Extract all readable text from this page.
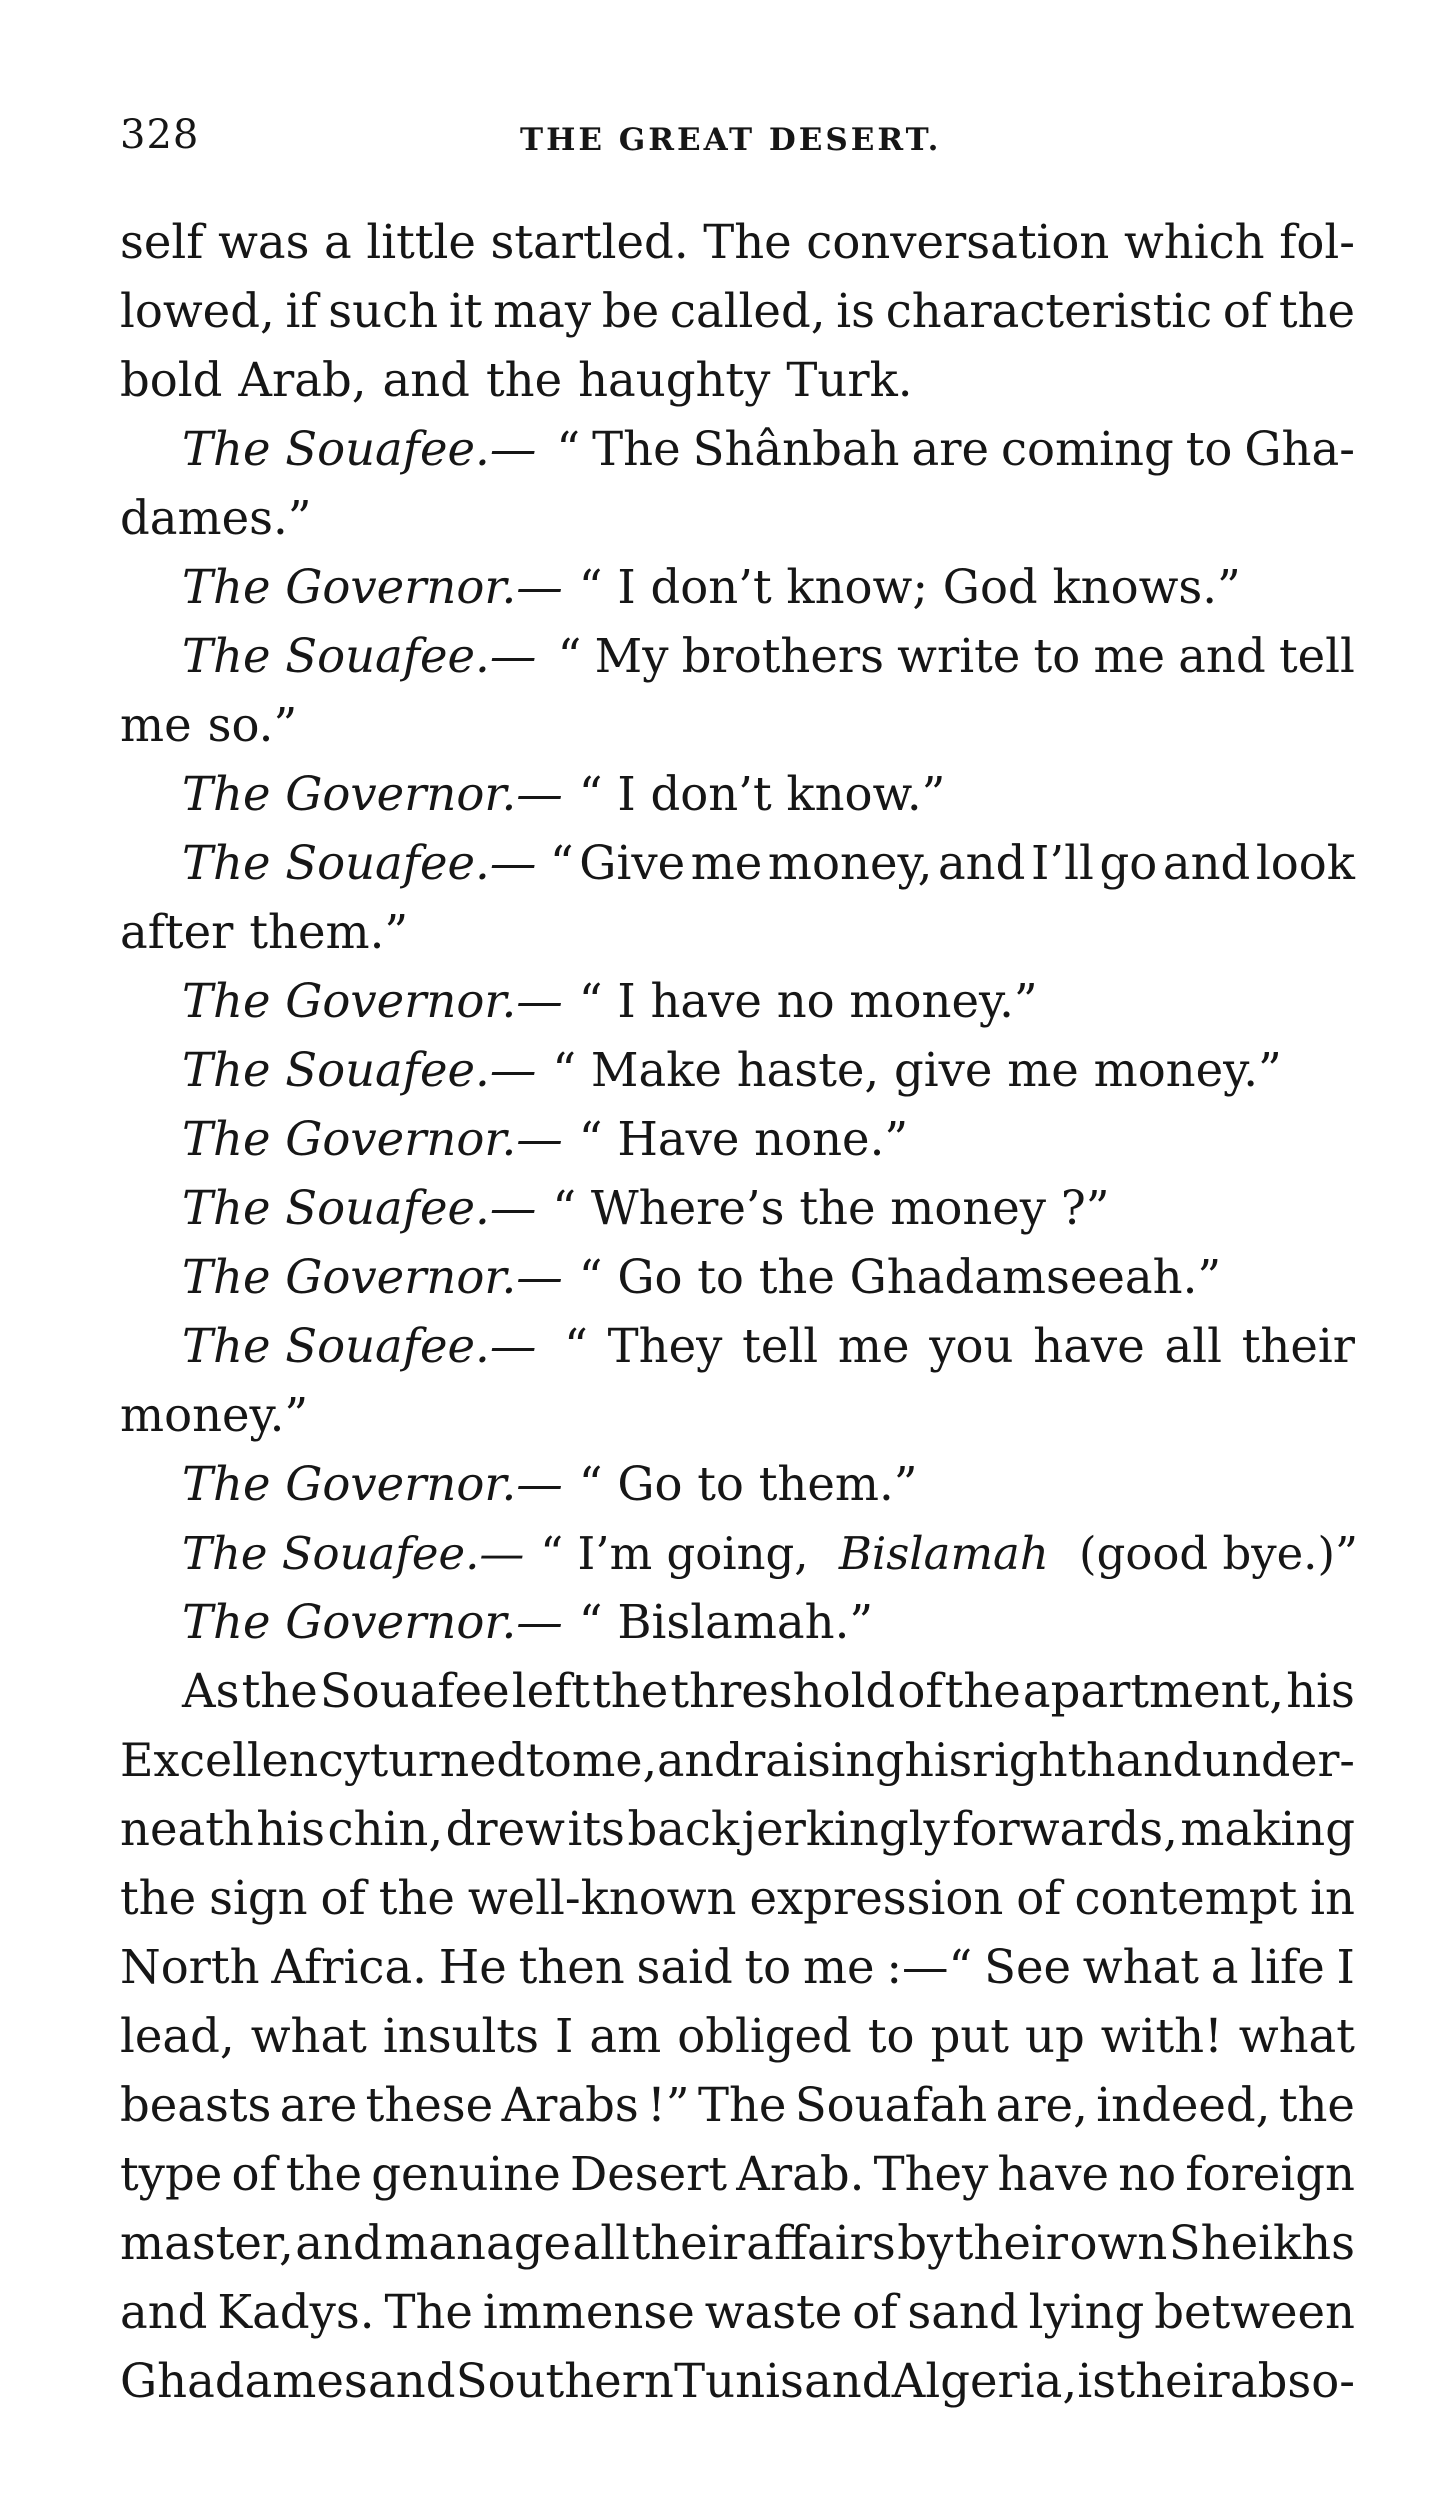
328	THE GREAT DESERT.
self was a little startled. The conversation which fol-
lowed, if such it may be called, is characteristic of the
bold Arab, and the haughty Turk.
The Souafee.— “ The Shânbah are coming to Gha-
dames.”
The Governor.— “ I don’t know; God knows.”
The Souafee.— “ My brothers write to me and tell
me so.”
The Governor.— “ I don’t know.”
The Souafee.— “ Give me money, and I’ll go and look
after them.”
The Governor.— “ I have no money.”
The Souafee.— “ Make haste, give me money.”
The Governor.— “ Have none.”
The Souafee.— “ Where’s the money ?”
The Governor.— “ Go to the Ghadamseeah.”
The Souafee.— “ They tell me you have all their
money.”
The Governor.— “ Go to them.”
The Souafee.— “ I’m going, Bislamah (good bye.)”
The Governor.— “ Bislamah.”
As the Souafee left the threshold of the apartment, his
Excellency turned to me, and raising his right hand under-
neath his chin, drew its back jerkingly forwards, making
the sign of the well-known expression of contempt in
North Africa. He then said to me :—“ See what a life I
lead, what insults I am obliged to put up with! what
beasts are these Arabs !” The Souafah are, indeed, the
type of the genuine Desert Arab. They have no foreign
master, and manage all their affairs by their own Sheikhs
and Kadys. The immense waste of sand lying between
Ghadames and Southern Tunis and Algeria, is their abso-
